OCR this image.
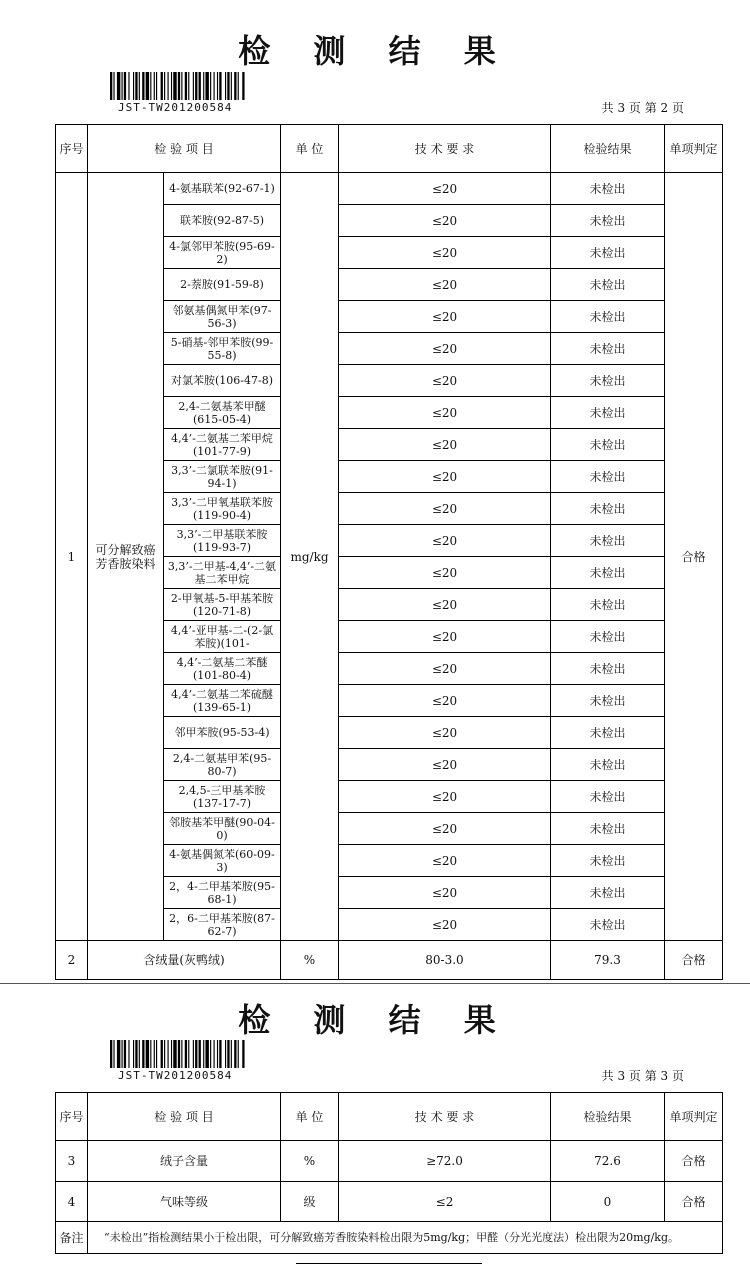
检 测 结 果
JST-TW201200584	共 3 页 第 2 页
序号	检 验 项 目		单 位	技 术 要 求	检验结果	单项判定
1	可分解致癌芳香胺染料	4-氨基联苯(92-67-1)	mg/kg	≤20	未检出	合格
		联苯胺(92-87-5)		≤20	未检出	
		4-氯邻甲苯胺(95-69-2)		≤20	未检出	
		2-萘胺(91-59-8)		≤20	未检出	
		邻氨基偶氮甲苯(97-56-3)		≤20	未检出	
		5-硝基-邻甲苯胺(99-55-8)		≤20	未检出	
		对氯苯胺(106-47-8)		≤20	未检出	
		2,4-二氨基苯甲醚(615-05-4)		≤20	未检出	
		4,4’-二氨基二苯甲烷(101-77-9)		≤20	未检出	
		3,3’-二氯联苯胺(91-94-1)		≤20	未检出	
		3,3’-二甲氧基联苯胺(119-90-4)		≤20	未检出	
		3,3’-二甲基联苯胺(119-93-7)		≤20	未检出	
		3,3’-二甲基-4,4’-二氨基二苯甲烷		≤20	未检出	
		2-甲氧基-5-甲基苯胺(120-71-8)		≤20	未检出	
		4,4’-亚甲基-二-(2-氯苯胺)(101-		≤20	未检出	
		4,4’-二氨基二苯醚(101-80-4)		≤20	未检出	
		4,4’-二氨基二苯硫醚(139-65-1)		≤20	未检出	
		邻甲苯胺(95-53-4)		≤20	未检出	
		2,4-二氨基甲苯(95-80-7)		≤20	未检出	
		2,4,5-三甲基苯胺(137-17-7)		≤20	未检出	
		邻胺基苯甲醚(90-04-0)		≤20	未检出	
		4-氨基偶氮苯(60-09-3)		≤20	未检出	
		2，4-二甲基苯胺(95-68-1)		≤20	未检出	
		2，6-二甲基苯胺(87-62-7)		≤20	未检出	
2	含绒量(灰鸭绒)		%	80-3.0	79.3	合格
检 测 结 果
JST-TW201200584	共 3 页 第 3 页
序号	检 验 项 目	单 位	技 术 要 求	检验结果	单项判定
3	绒子含量	%	≥72.0	72.6	合格
4	气味等级	级	≤2	0	合格
备注	“未检出”指检测结果小于检出限，可分解致癌芳香胺染料检出限为5mg/kg；甲醛（分光光度法）检出限为20mg/kg。				
